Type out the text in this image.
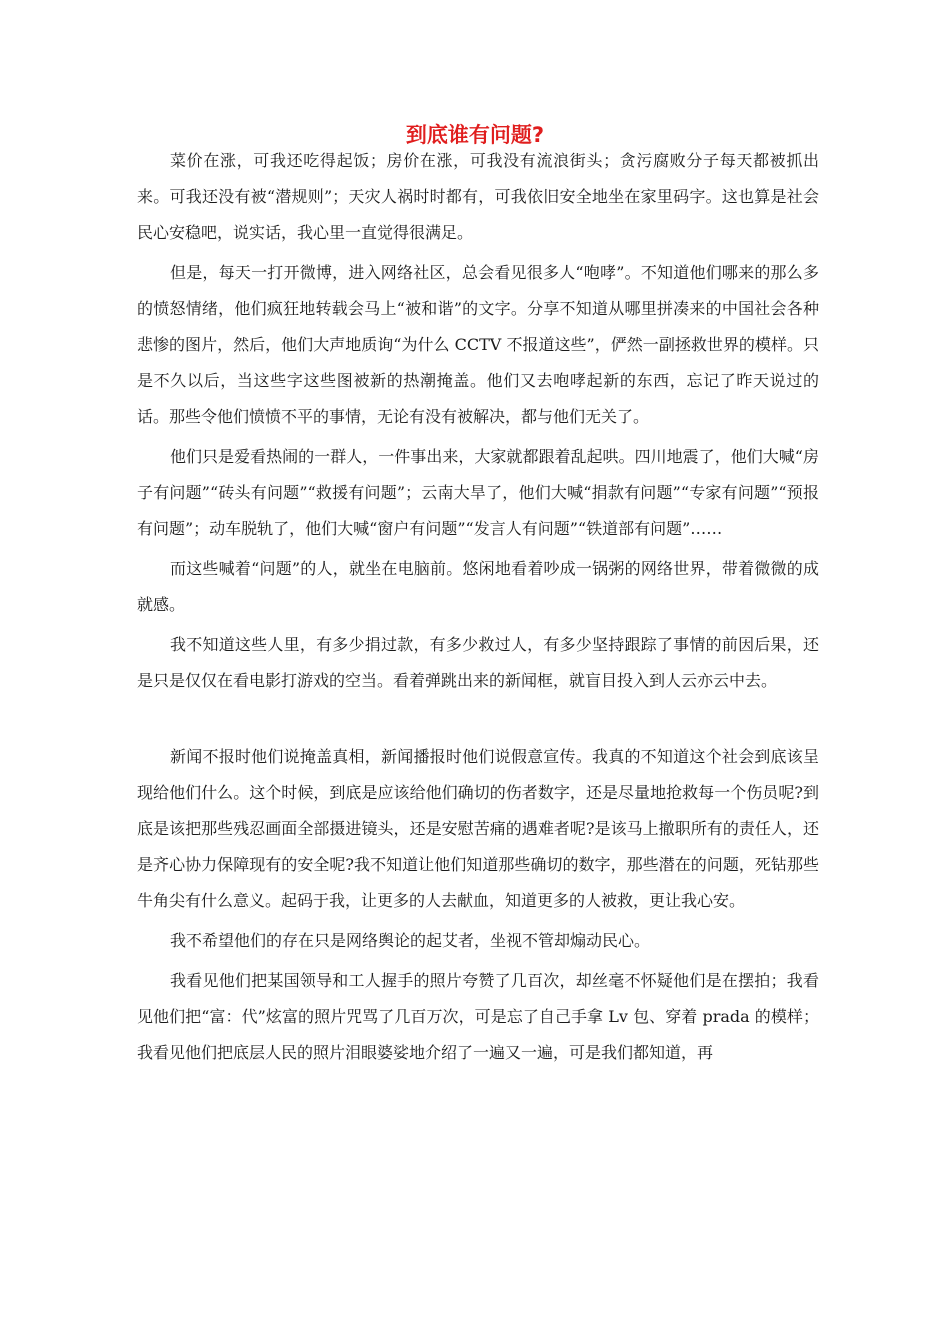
到底谁有问题?

菜价在涨，可我还吃得起饭；房价在涨，可我没有流浪街头；贪污腐败分子每天都被抓出来。可我还没有被“潜规则”；天灾人祸时时都有，可我依旧安全地坐在家里码字。这也算是社会民心安稳吧，说实话，我心里一直觉得很满足。

但是，每天一打开微博，进入网络社区，总会看见很多人“咆哮”。不知道他们哪来的那么多的愤怒情绪，他们疯狂地转载会马上“被和谐”的文字。分享不知道从哪里拼凑来的中国社会各种悲惨的图片，然后，他们大声地质询“为什么 CCTV 不报道这些”，俨然一副拯救世界的模样。只是不久以后，当这些字这些图被新的热潮掩盖。他们又去咆哮起新的东西，忘记了昨天说过的话。那些令他们愤愤不平的事情，无论有没有被解决，都与他们无关了。

他们只是爱看热闹的一群人，一件事出来，大家就都跟着乱起哄。四川地震了，他们大喊“房子有问题”“砖头有问题”“救援有问题”；云南大旱了，他们大喊“捐款有问题”“专家有问题”“预报有问题”；动车脱轨了，他们大喊“窗户有问题”“发言人有问题”“铁道部有问题”……

而这些喊着“问题”的人，就坐在电脑前。悠闲地看着吵成一锅粥的网络世界，带着微微的成就感。

我不知道这些人里，有多少捐过款，有多少救过人，有多少坚持跟踪了事情的前因后果，还是只是仅仅在看电影打游戏的空当。看着弹跳出来的新闻框，就盲目投入到人云亦云中去。

新闻不报时他们说掩盖真相，新闻播报时他们说假意宣传。我真的不知道这个社会到底该呈现给他们什么。这个时候，到底是应该给他们确切的伤者数字，还是尽量地抢救每一个伤员呢?到底是该把那些残忍画面全部摄进镜头，还是安慰苦痛的遇难者呢?是该马上撤职所有的责任人，还是齐心协力保障现有的安全呢?我不知道让他们知道那些确切的数字，那些潜在的问题，死钻那些牛角尖有什么意义。起码于我，让更多的人去献血，知道更多的人被救，更让我心安。

我不希望他们的存在只是网络舆论的起艾者，坐视不管却煽动民心。

我看见他们把某国领导和工人握手的照片夸赞了几百次，却丝毫不怀疑他们是在摆拍；我看见他们把“富：代”炫富的照片咒骂了几百万次，可是忘了自己手拿 Lv 包、穿着 prada 的模样；我看见他们把底层人民的照片泪眼婆娑地介绍了一遍又一遍，可是我们都知道，再
